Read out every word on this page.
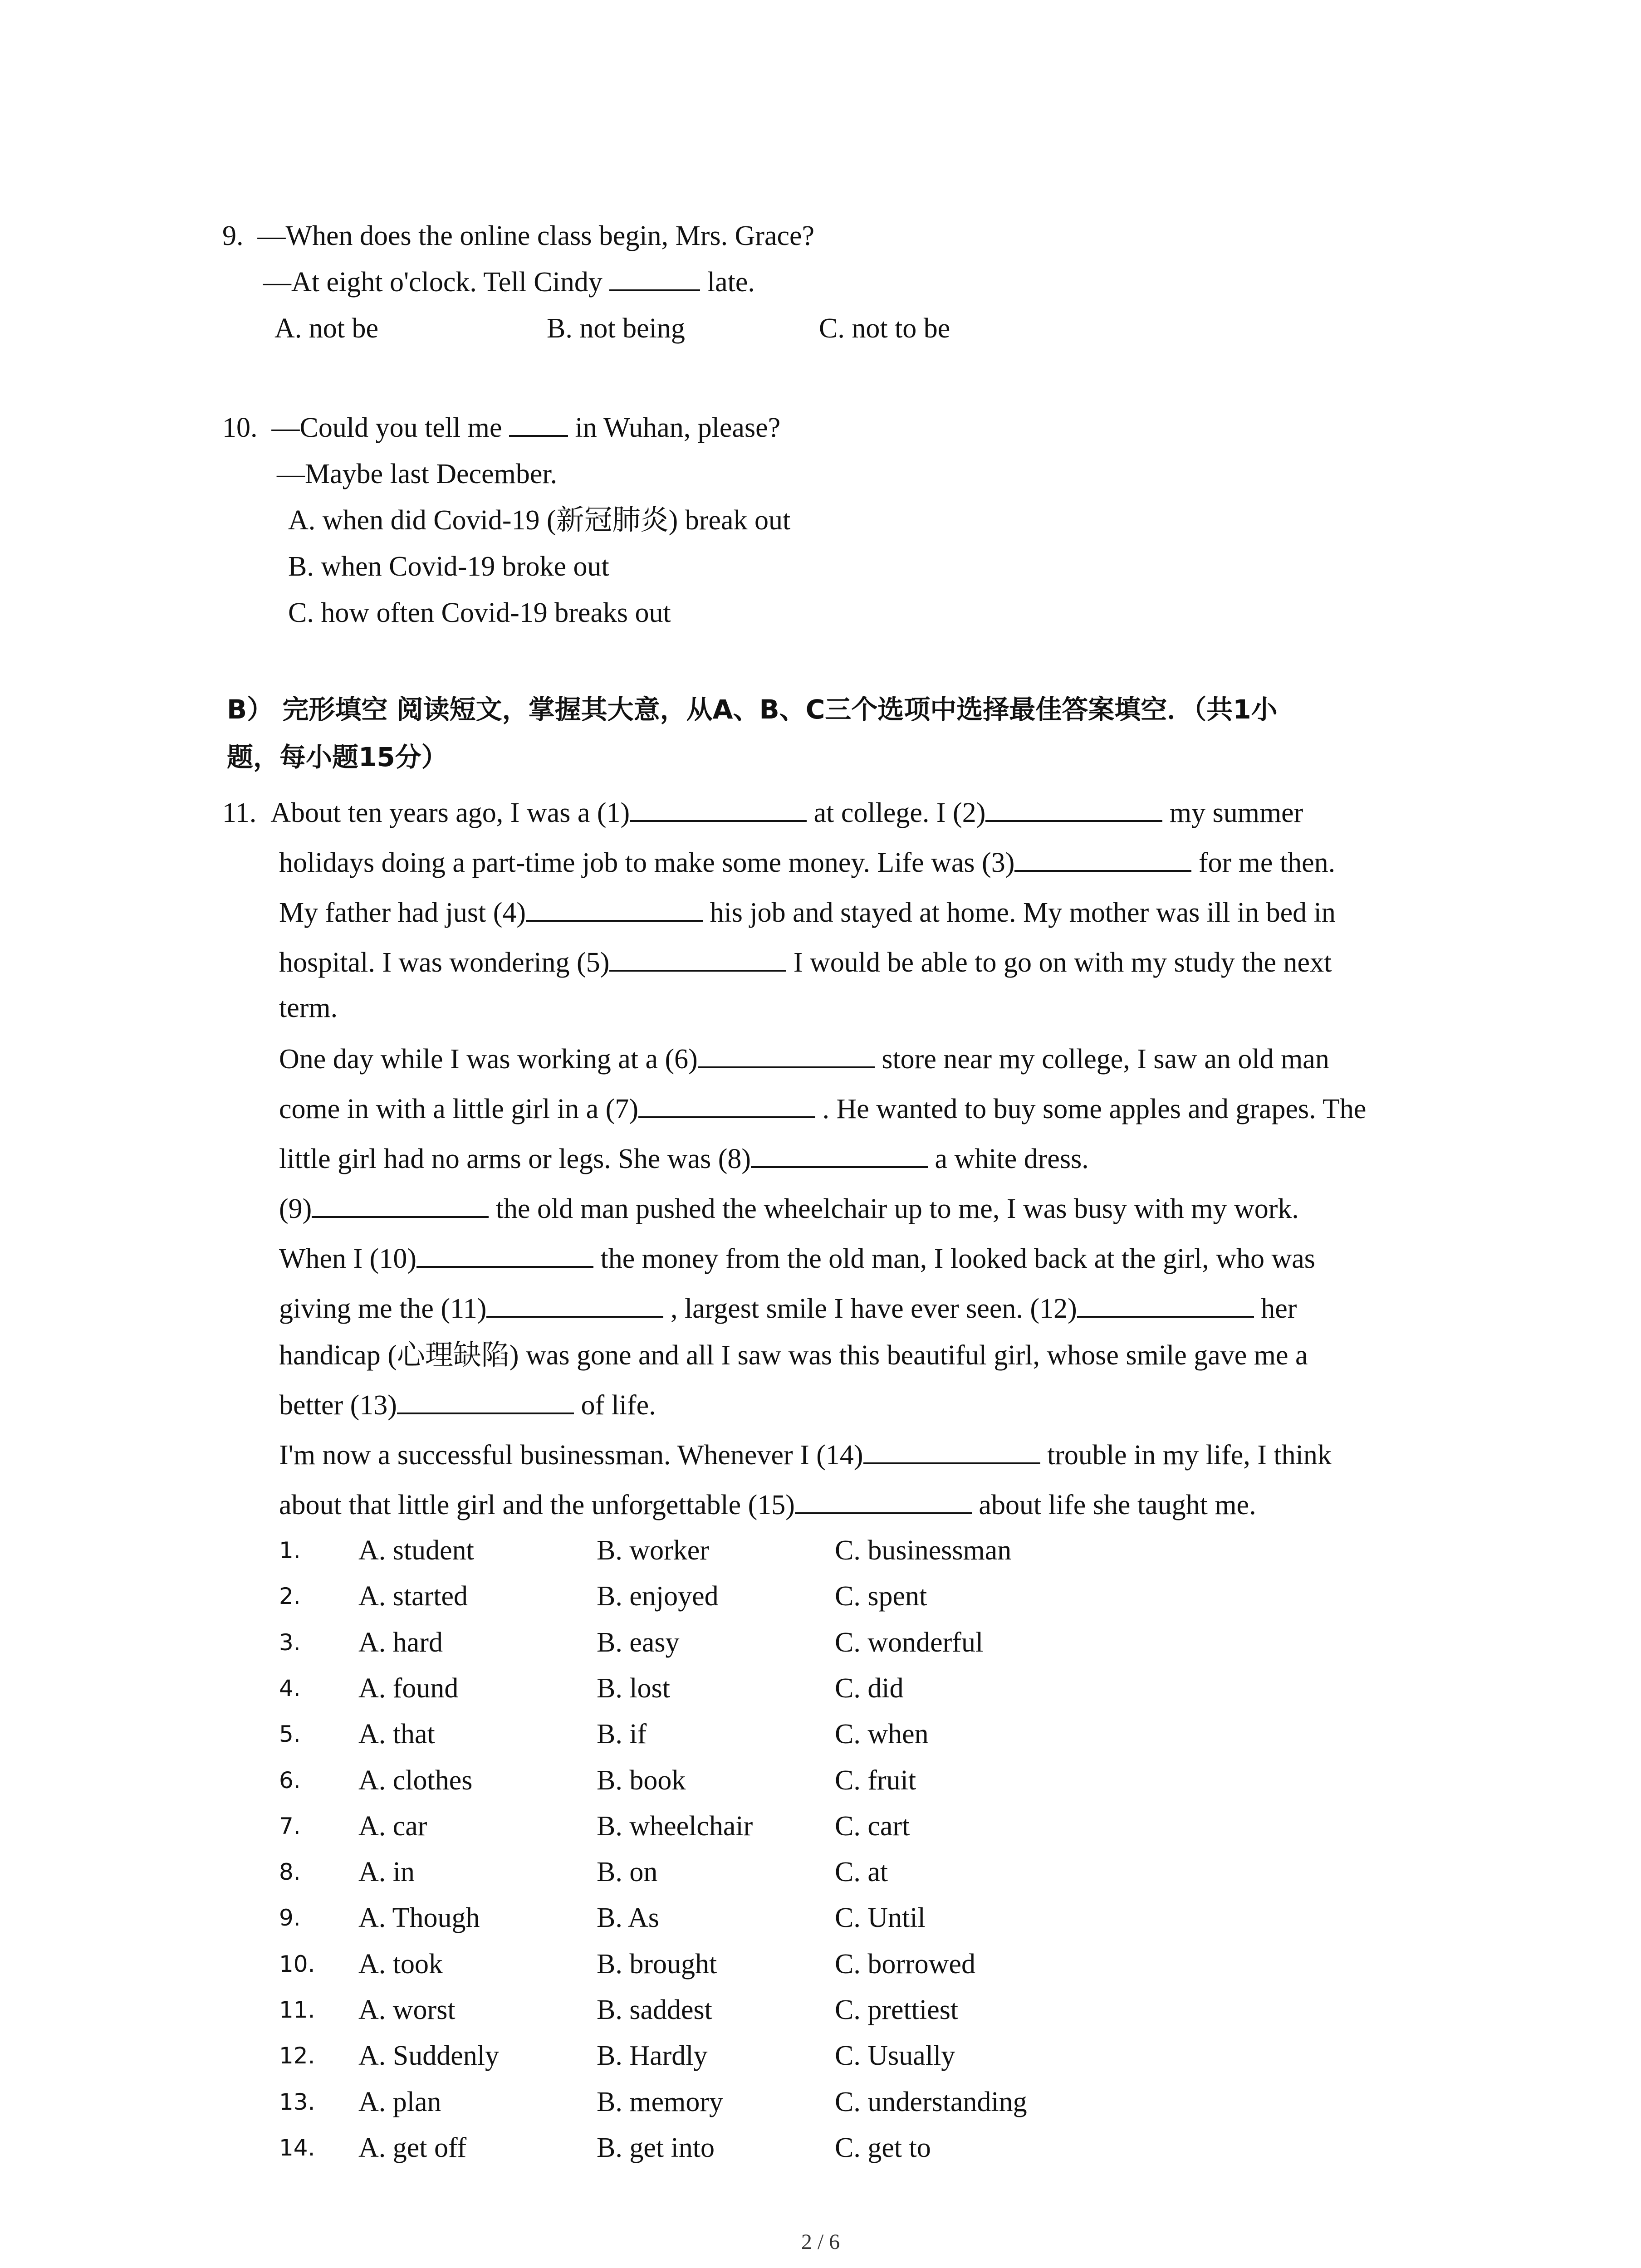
9. —When does the online class begin, Mrs. Grace?
—At eight o'clock. Tell Cindy	late.
A. not be	B. not being	C. not to be
10. —Could you tell me  in Wuhan, please?
—Maybe last December.
A. when did Covid-19 (新冠肺炎) break out
B. when Covid-19 broke out
C. how often Covid-19 breaks out
B） 完形填空 阅读短文，掌握其大意，从A、B、C三个选项中选择最佳答案填空．（共1小
题，每小题15分）
11. About ten years ago, I was a (1)	at college. I (2)	my summer
holidays doing a part-time job to make some money. Life was (3)	for me then.
My father had just (4)	his job and stayed at home. My mother was ill in bed in
hospital. I was wondering (5)	I would be able to go on with my study the next
term.
One day while I was working at a (6)	store near my college, I saw an old man
come in with a little girl in a (7)	. He wanted to buy some apples and grapes. The
little girl had no arms or legs. She was (8)	a white dress.
(9)	the old man pushed the wheelchair up to me, I was busy with my work.
When I (10)	the money from the old man, I looked back at the girl, who was
giving me the (11)	, largest smile I have ever seen. (12)	her
handicap (心理缺陷) was gone and all I saw was this beautiful girl, whose smile gave me a
better (13)	of life.
I'm now a successful businessman. Whenever I (14)	trouble in my life, I think
about that little girl and the unforgettable (15)	about life she taught me.
1. A. student	B. worker	C. businessman
2. A. started	B. enjoyed	C. spent
3. A. hard	B. easy	C. wonderful
4. A. found	B. lost	C. did
5. A. that	B. if	C. when
6. A. clothes	B. book	C. fruit
7. A. car	B. wheelchair	C. cart
8. A. in	B. on	C. at
9. A. Though	B. As	C. Until
10. A. took	B. brought	C. borrowed
11. A. worst	B. saddest	C. prettiest
12. A. Suddenly	B. Hardly	C. Usually
13. A. plan	B. memory	C. understanding
14. A. get off	B. get into	C. get to
2 / 6
